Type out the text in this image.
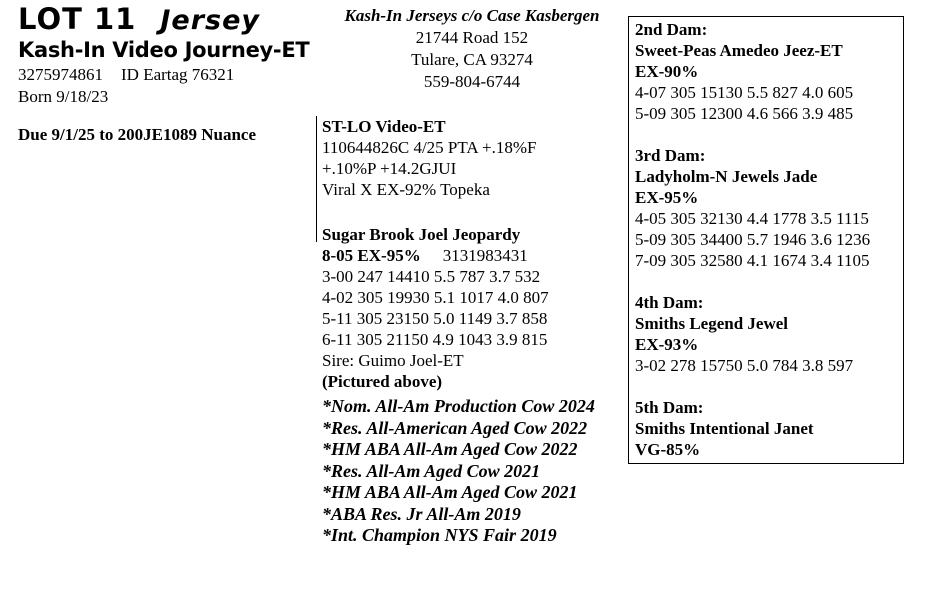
LOT 11 Jersey
Kash-In Video Journey-ET
3275974861 ID Eartag 76321
Born 9/18/23
Due 9/1/25 to 200JE1089 Nuance
Kash-In Jerseys c/o Case Kasbergen
21744 Road 152
Tulare, CA 93274
559-804-6744
ST-LO Video-ET
110644826C 4/25 PTA +.18%F
+.10%P +14.2GJUI
Viral X EX-92% Topeka
Sugar Brook Joel Jeopardy
8-05 EX-95% 3131983431
3-00 247 14410 5.5 787 3.7 532
4-02 305 19930 5.1 1017 4.0 807
5-11 305 23150 5.0 1149 3.7 858
6-11 305 21150 4.9 1043 3.9 815
Sire: Guimo Joel-ET
(Pictured above)
*Nom. All-Am Production Cow 2024
*Res. All-American Aged Cow 2022
*HM ABA All-Am Aged Cow 2022
*Res. All-Am Aged Cow 2021
*HM ABA All-Am Aged Cow 2021
*ABA Res. Jr All-Am 2019
*Int. Champion NYS Fair 2019
2nd Dam:
Sweet-Peas Amedeo Jeez-ET
EX-90%
4-07 305 15130 5.5 827 4.0 605
5-09 305 12300 4.6 566 3.9 485
3rd Dam:
Ladyholm-N Jewels Jade
EX-95%
4-05 305 32130 4.4 1778 3.5 1115
5-09 305 34400 5.7 1946 3.6 1236
7-09 305 32580 4.1 1674 3.4 1105
4th Dam:
Smiths Legend Jewel
EX-93%
3-02 278 15750 5.0 784 3.8 597
5th Dam:
Smiths Intentional Janet
VG-85%
